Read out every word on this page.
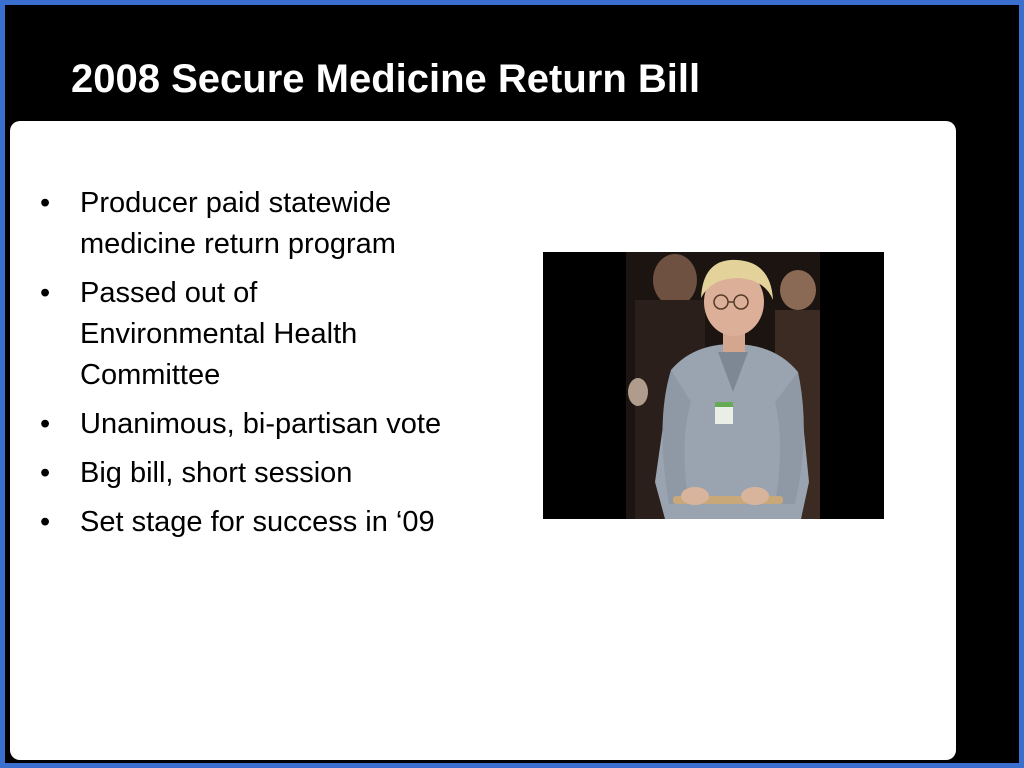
2008 Secure Medicine Return Bill
• Producer paid statewide medicine return program
• Passed out of Environmental Health Committee
• Unanimous, bi-partisan vote
• Big bill, short session
• Set stage for success in ‘09
